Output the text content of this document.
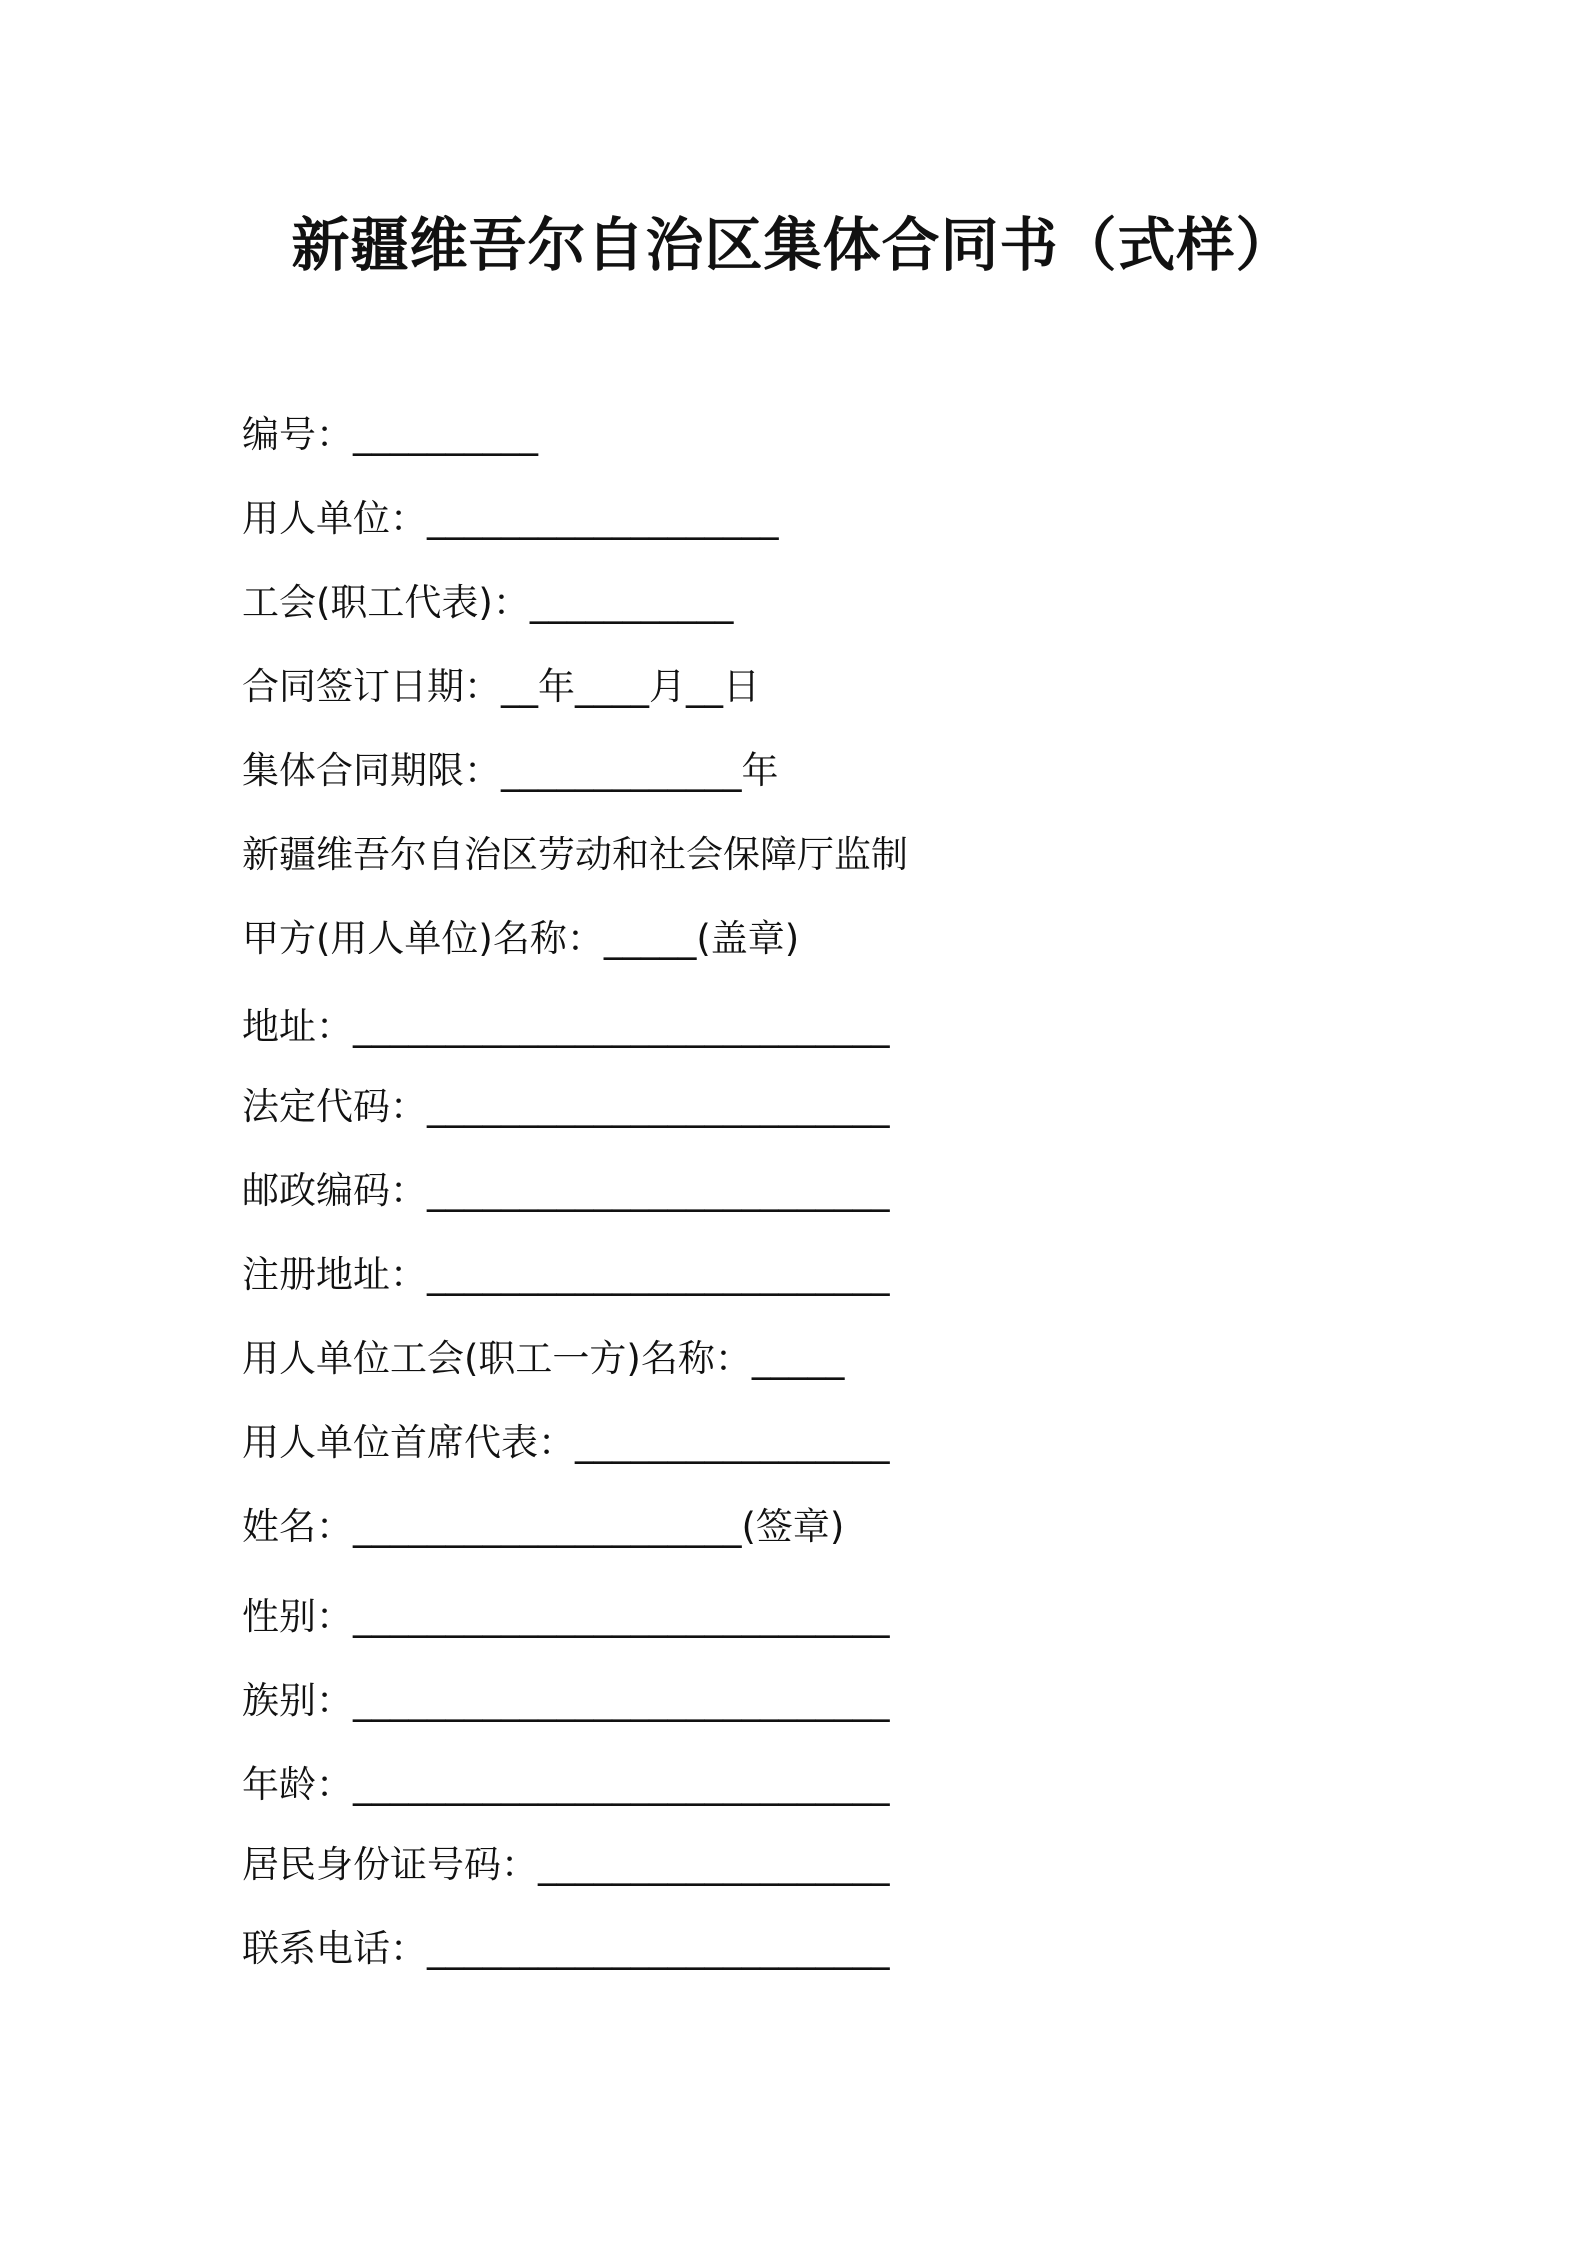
新疆维吾尔自治区集体合同书（式样）
编号：__________
用人单位：___________________
工会(职工代表)：___________
合同签订日期：__年____月__日
集体合同期限：_____________年
新疆维吾尔自治区劳动和社会保障厅监制
甲方(用人单位)名称：_____(盖章)
地址：_____________________________
法定代码：_________________________
邮政编码：_________________________
注册地址：_________________________
用人单位工会(职工一方)名称：_____
用人单位首席代表：_________________
姓名：_____________________(签章)
性别：_____________________________
族别：_____________________________
年龄：_____________________________
居民身份证号码：___________________
联系电话：_________________________
